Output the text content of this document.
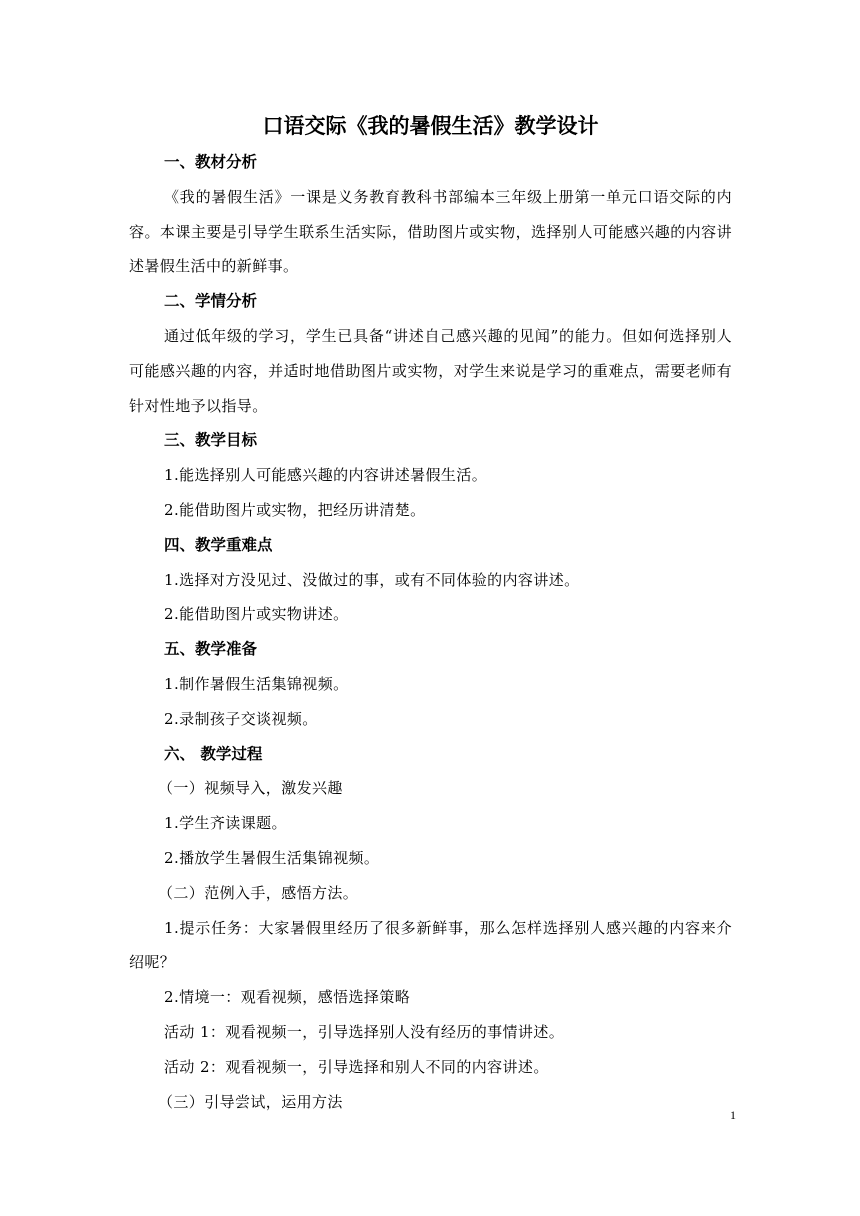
口语交际《我的暑假生活》教学设计
一、教材分析

《我的暑假生活》一课是义务教育教科书部编本三年级上册第一单元口语交际的内容。本课主要是引导学生联系生活实际，借助图片或实物，选择别人可能感兴趣的内容讲述暑假生活中的新鲜事。

二、学情分析

通过低年级的学习，学生已具备“讲述自己感兴趣的见闻”的能力。但如何选择别人可能感兴趣的内容，并适时地借助图片或实物，对学生来说是学习的重难点，需要老师有针对性地予以指导。

三、教学目标

1.能选择别人可能感兴趣的内容讲述暑假生活。

2.能借助图片或实物，把经历讲清楚。

四、教学重难点

1.选择对方没见过、没做过的事，或有不同体验的内容讲述。

2.能借助图片或实物讲述。

五、教学准备

1.制作暑假生活集锦视频。

2.录制孩子交谈视频。

六、 教学过程

（一）视频导入，激发兴趣

1.学生齐读课题。

2.播放学生暑假生活集锦视频。

（二）范例入手，感悟方法。

1.提示任务：大家暑假里经历了很多新鲜事，那么怎样选择别人感兴趣的内容来介绍呢？

2.情境一：观看视频，感悟选择策略

活动 1：观看视频一，引导选择别人没有经历的事情讲述。

活动 2：观看视频一，引导选择和别人不同的内容讲述。

（三）引导尝试，运用方法

1
